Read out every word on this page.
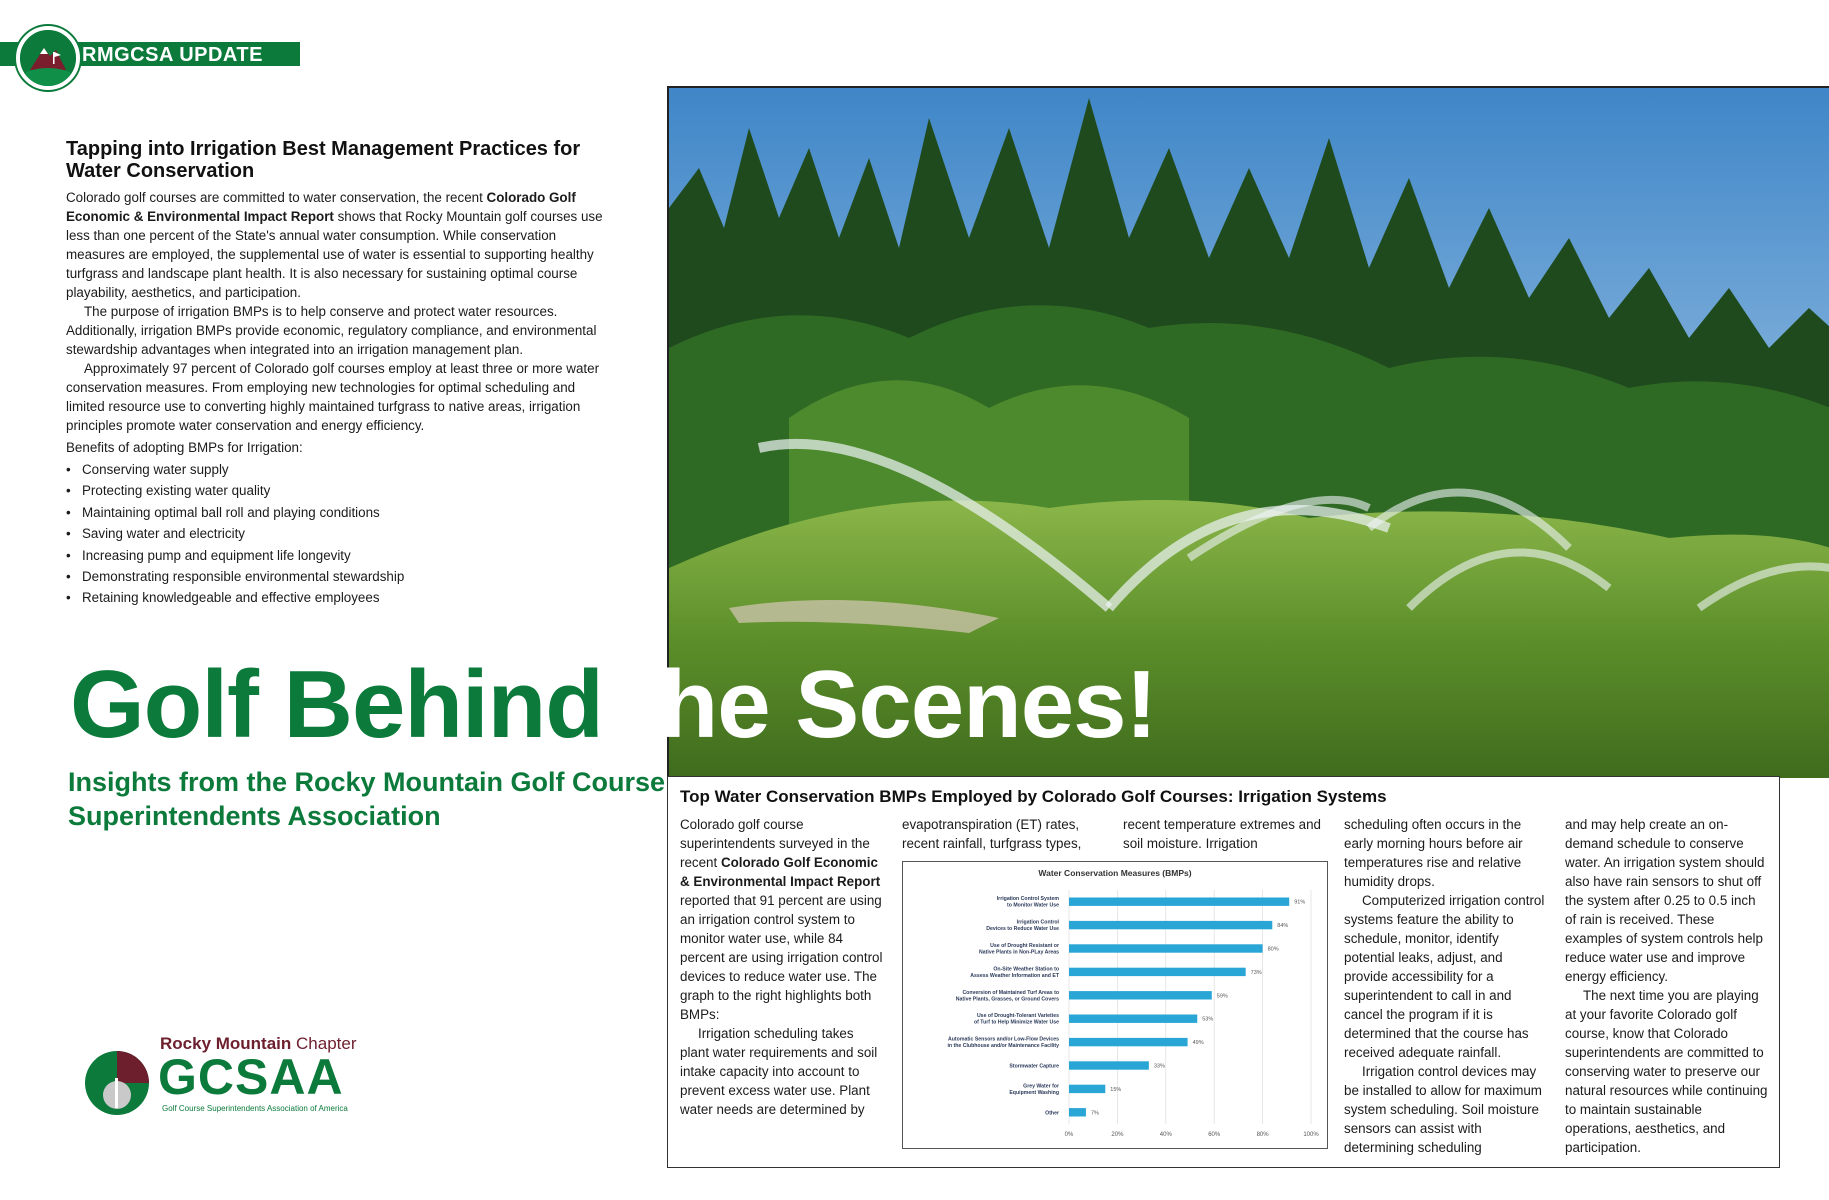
RMGCSA UPDATE
Tapping into Irrigation Best Management Practices for Water Conservation

Colorado golf courses are committed to water conservation, the recent Colorado Golf Economic & Environmental Impact Report shows that Rocky Mountain golf courses use less than one percent of the State's annual water consumption. While conservation measures are employed, the supplemental use of water is essential to supporting healthy turfgrass and landscape plant health. It is also necessary for sustaining optimal course playability, aesthetics, and participation.

The purpose of irrigation BMPs is to help conserve and protect water resources. Additionally, irrigation BMPs provide economic, regulatory compliance, and environmental stewardship advantages when integrated into an irrigation management plan.

Approximately 97 percent of Colorado golf courses employ at least three or more water conservation measures. From employing new technologies for optimal scheduling and limited resource use to converting highly maintained turfgrass to native areas, irrigation principles promote water conservation and energy efficiency.

Benefits of adopting BMPs for Irrigation:

• Conserving water supply
• Protecting existing water quality
• Maintaining optimal ball roll and playing conditions
• Saving water and electricity
• Increasing pump and equipment life longevity
• Demonstrating responsible environmental stewardship
• Retaining knowledgeable and effective employees
Golf Behind the Scenes!
Insights from the Rocky Mountain Golf Course Superintendents Association
Rocky Mountain Chapter
GCSAA
Golf Course Superintendents Association of America
Top Water Conservation BMPs Employed by Colorado Golf Courses: Irrigation Systems

Colorado golf course superintendents surveyed in the recent Colorado Golf Economic & Environmental Impact Report reported that 91 percent are using an irrigation control system to monitor water use, while 84 percent are using irrigation control devices to reduce water use. The graph to the right highlights both BMPs:

Irrigation scheduling takes plant water requirements and soil intake capacity into account to prevent excess water use. Plant water needs are determined by

evapotranspiration (ET) rates, recent rainfall, turfgrass types,

recent temperature extremes and soil moisture. Irrigation

scheduling often occurs in the early morning hours before air temperatures rise and relative humidity drops.

Computerized irrigation control systems feature the ability to schedule, monitor, identify potential leaks, adjust, and provide accessibility for a superintendent to call in and cancel the program if it is determined that the course has received adequate rainfall.

Irrigation control devices may be installed to allow for maximum system scheduling. Soil moisture sensors can assist with determining scheduling

and may help create an on-demand schedule to conserve water. An irrigation system should also have rain sensors to shut off the system after 0.25 to 0.5 inch of rain is received. These examples of system controls help reduce water use and improve energy efficiency.

The next time you are playing at your favorite Colorado golf course, know that Colorado superintendents are committed to conserving water to preserve our natural resources while continuing to maintain sustainable operations, aesthetics, and participation.

Water Conservation Measures (BMPs)
0%	20%	40%	60%	80%	100%
91%
Irrigation Control System to Monitor Water Use
84%
Irrigation Control Devices to Reduce Water Use
80%
Use of Drought Resistant or Native Plants in Non-PLay Areas
73%
On-Site Weather Station to Assess Weather Information and ET
59%
Conversion of Maintained Turf Areas to Native Plants, Grasses, or Ground Covers
53%
Use of Drought-Tolerant Varieties of Turf to Help Minimize Water Use
49%
Automatic Sensors and/or Low-Flow Devices in the Clubhouse and/or Maintenance Facility
33%
Stormwater Capture
15%
Grey Water for Equipment Washing
7%
Other
